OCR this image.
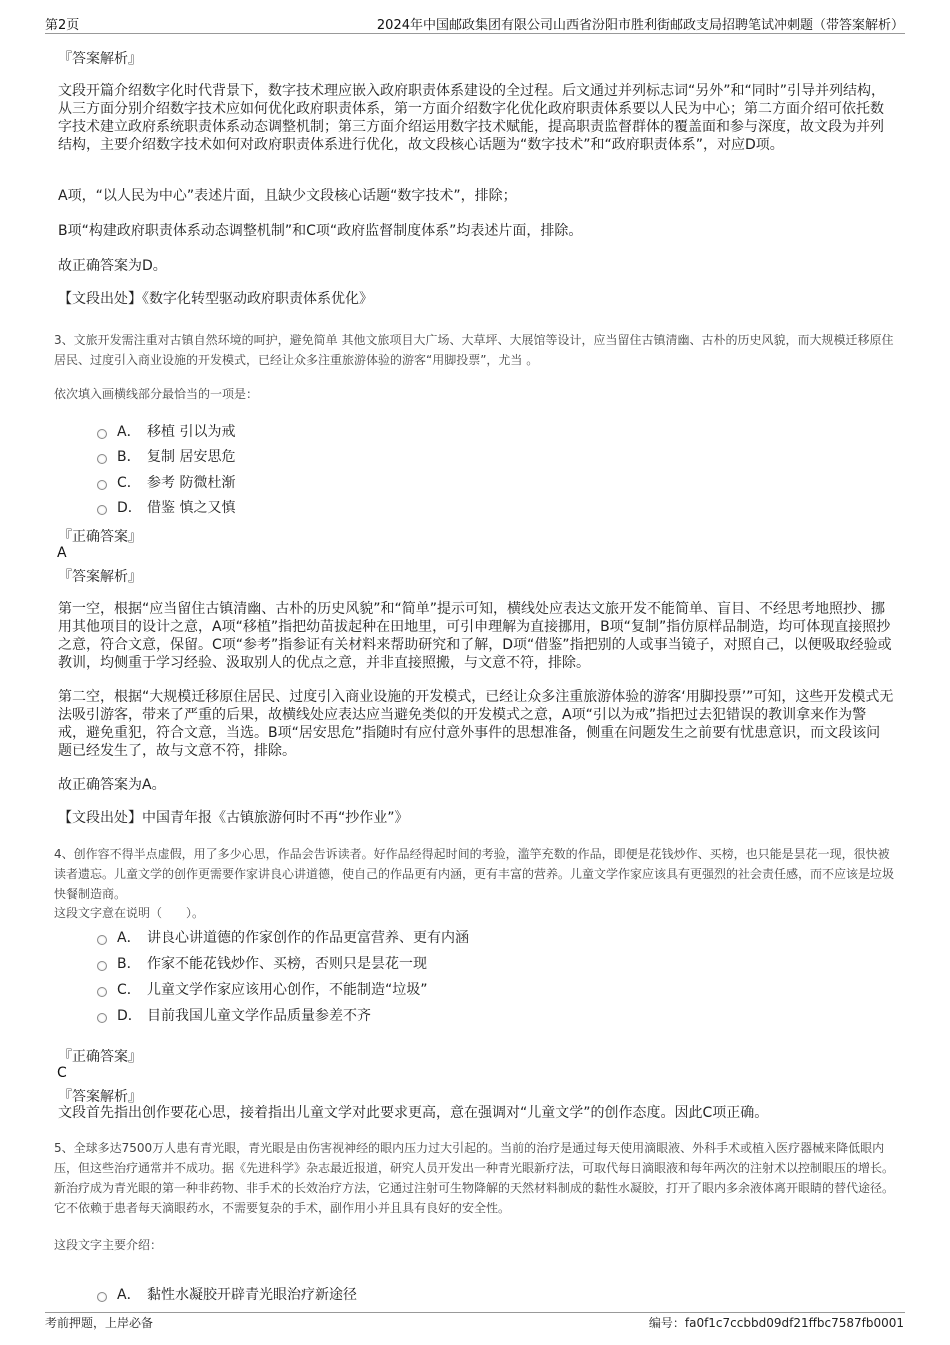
第2页	2024年中国邮政集团有限公司山西省汾阳市胜利街邮政支局招聘笔试冲刺题（带答案解析）
『答案解析』
文段开篇介绍数字化时代背景下，数字技术理应嵌入政府职责体系建设的全过程。后文通过并列标志词“另外”和“同时”引导并列结构，从三方面分别介绍数字技术应如何优化政府职责体系，第一方面介绍数字化优化政府职责体系要以人民为中心；第二方面介绍可依托数字技术建立政府系统职责体系动态调整机制；第三方面介绍运用数字技术赋能，提高职责监督群体的覆盖面和参与深度，故文段为并列结构，主要介绍数字技术如何对政府职责体系进行优化，故文段核心话题为“数字技术”和“政府职责体系”，对应D项。
A项，“以人民为中心”表述片面，且缺少文段核心话题“数字技术”，排除；
B项“构建政府职责体系动态调整机制”和C项“政府监督制度体系”均表述片面，排除。
故正确答案为D。
【文段出处】《数字化转型驱动政府职责体系优化》
3、文旅开发需注重对古镇自然环境的呵护，避免简单 其他文旅项目大广场、大草坪、大展馆等设计，应当留住古镇清幽、古朴的历史风貌，而大规模迁移原住居民、过度引入商业设施的开发模式，已经让众多注重旅游体验的游客“用脚投票”，尤当 。
依次填入画横线部分最恰当的一项是：
A． 移植 引以为戒
B． 复制 居安思危
C． 参考 防微杜渐
D． 借鉴 慎之又慎
『正确答案』
A
『答案解析』
第一空，根据“应当留住古镇清幽、古朴的历史风貌”和“简单”提示可知，横线处应表达文旅开发不能简单、盲目、不经思考地照抄、挪用其他项目的设计之意，A项“移植”指把幼苗拔起种在田地里，可引申理解为直接挪用，B项“复制”指仿原样品制造，均可体现直接照抄之意，符合文意，保留。C项“参考”指参证有关材料来帮助研究和了解，D项“借鉴”指把别的人或事当镜子，对照自己，以便吸取经验或教训，均侧重于学习经验、汲取别人的优点之意，并非直接照搬，与文意不符，排除。
第二空，根据“大规模迁移原住居民、过度引入商业设施的开发模式，已经让众多注重旅游体验的游客‘用脚投票’”可知，这些开发模式无法吸引游客，带来了严重的后果，故横线处应表达应当避免类似的开发模式之意，A项“引以为戒”指把过去犯错误的教训拿来作为警戒，避免重犯，符合文意，当选。B项“居安思危”指随时有应付意外事件的思想准备，侧重在问题发生之前要有忧患意识，而文段该问题已经发生了，故与文意不符，排除。
故正确答案为A。
【文段出处】中国青年报《古镇旅游何时不再“抄作业”》
4、创作容不得半点虚假，用了多少心思，作品会告诉读者。好作品经得起时间的考验，滥竽充数的作品，即便是花钱炒作、买榜，也只能是昙花一现，很快被读者遗忘。儿童文学的创作更需要作家讲良心讲道德，使自己的作品更有内涵，更有丰富的营养。儿童文学作家应该具有更强烈的社会责任感，而不应该是垃圾快餐制造商。
这段文字意在说明（　　）。
A． 讲良心讲道德的作家创作的作品更富营养、更有内涵
B． 作家不能花钱炒作、买榜，否则只是昙花一现
C． 儿童文学作家应该用心创作，不能制造“垃圾”
D． 目前我国儿童文学作品质量参差不齐
『正确答案』
C
『答案解析』
文段首先指出创作要花心思，接着指出儿童文学对此要求更高，意在强调对“儿童文学”的创作态度。因此C项正确。
5、全球多达7500万人患有青光眼，青光眼是由伤害视神经的眼内压力过大引起的。当前的治疗是通过每天使用滴眼液、外科手术或植入医疗器械来降低眼内压，但这些治疗通常并不成功。据《先进科学》杂志最近报道，研究人员开发出一种青光眼新疗法，可取代每日滴眼液和每年两次的注射术以控制眼压的增长。新治疗成为青光眼的第一种非药物、非手术的长效治疗方法，它通过注射可生物降解的天然材料制成的黏性水凝胶，打开了眼内多余液体离开眼睛的替代途径。它不依赖于患者每天滴眼药水，不需要复杂的手术，副作用小并且具有良好的安全性。
这段文字主要介绍：
A． 黏性水凝胶开辟青光眼治疗新途径
考前押题，上岸必备	编号：fa0f1c7ccbbd09df21ffbc7587fb0001
